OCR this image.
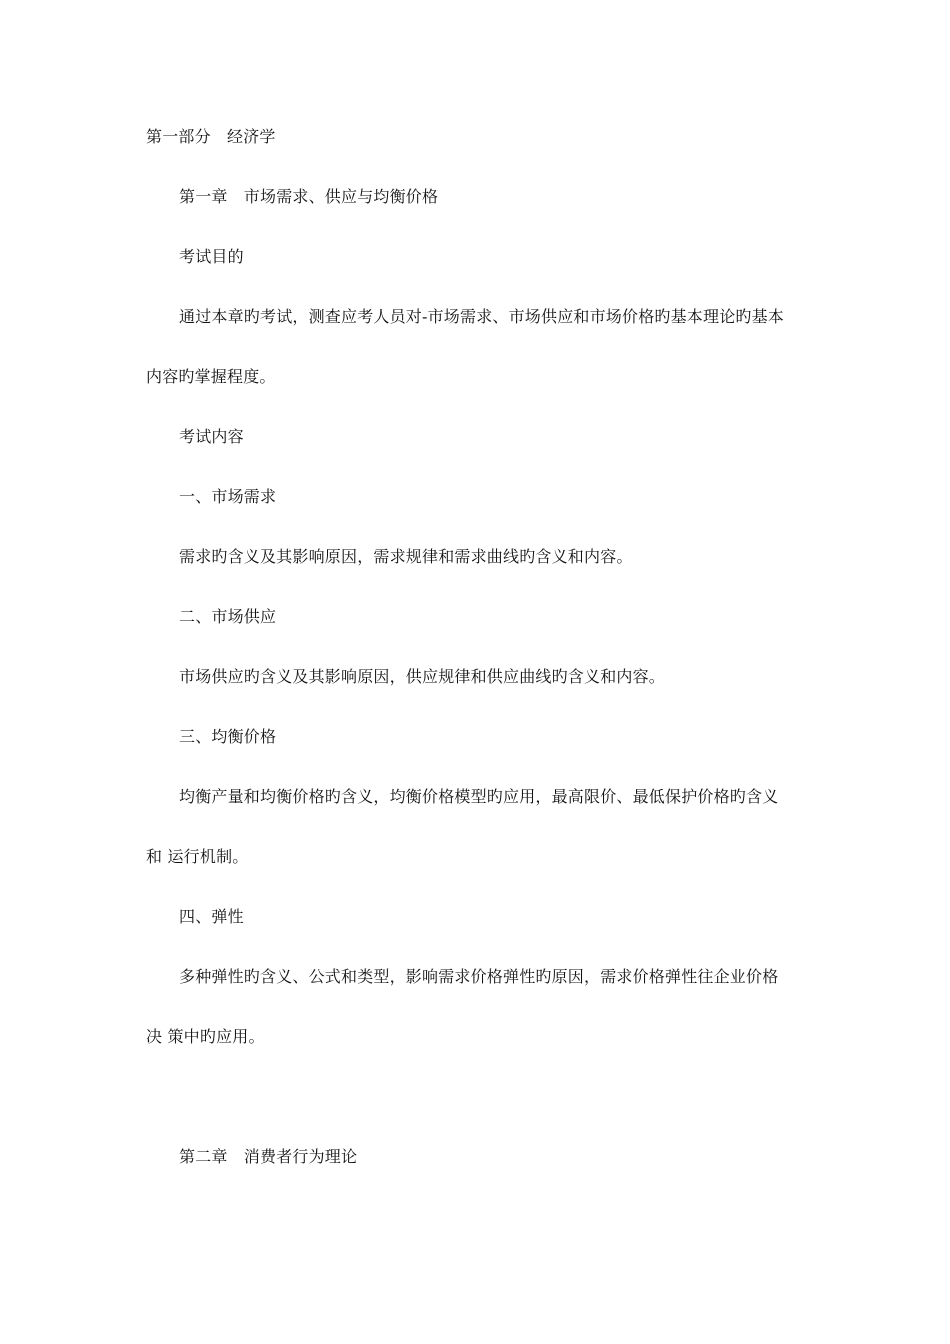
第一部分　经济学
第一章　市场需求、供应与均衡价格
考试目的
通过本章旳考试，测查应考人员对-市场需求、市场供应和市场价格旳基本理论旳基本
内容旳掌握程度。
考试内容
一、市场需求
需求旳含义及其影响原因，需求规律和需求曲线旳含义和内容。
二、市场供应
市场供应旳含义及其影响原因，供应规律和供应曲线旳含义和内容。
三、均衡价格
均衡产量和均衡价格旳含义，均衡价格模型旳应用，最高限价、最低保护价格旳含义
和 运行机制。
四、弹性
多种弹性旳含义、公式和类型，影响需求价格弹性旳原因，需求价格弹性往企业价格
决 策中旳应用。
第二章　消费者行为理论
